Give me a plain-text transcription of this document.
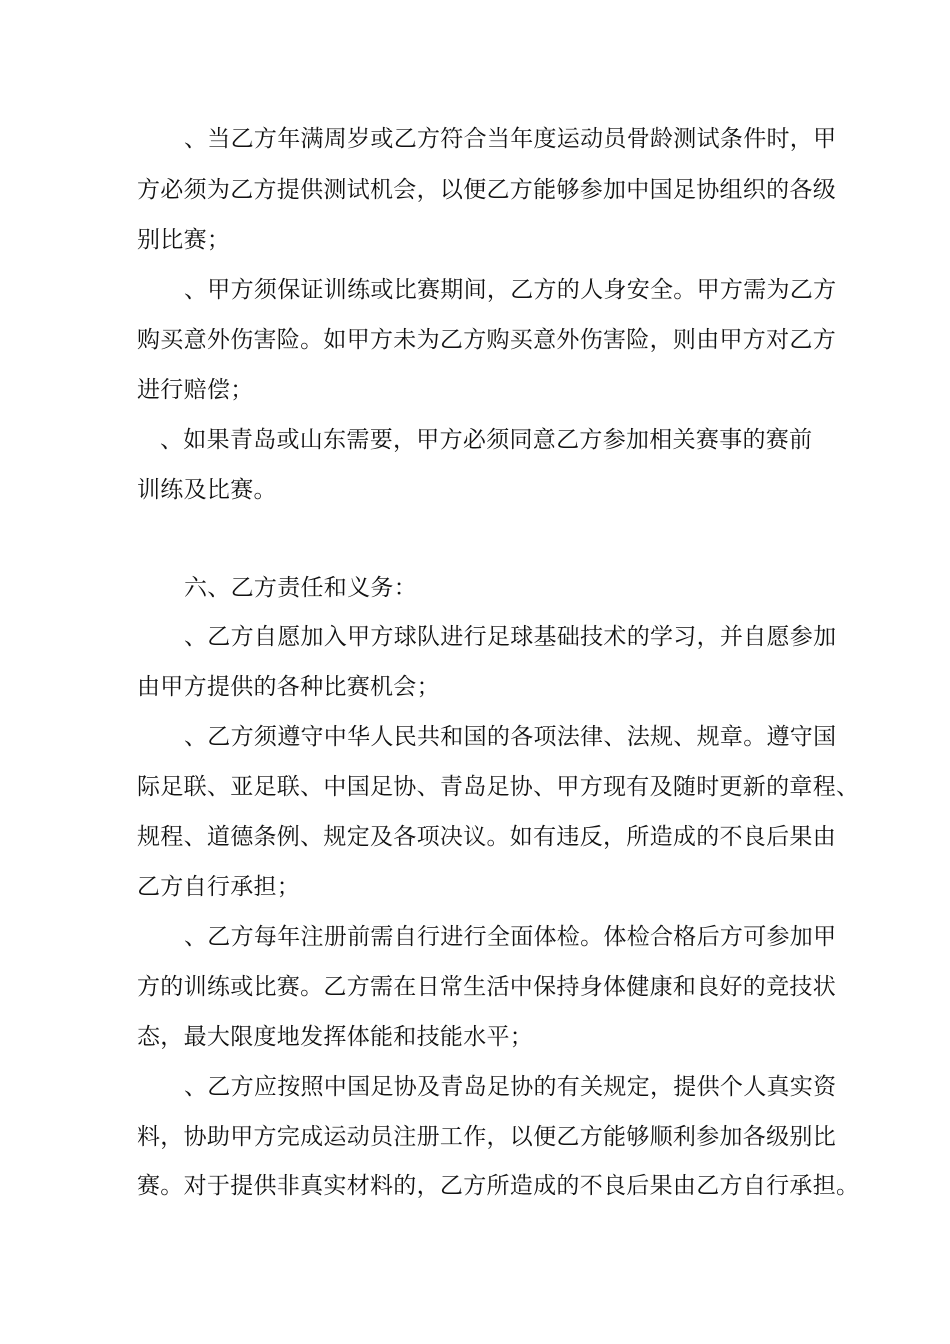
、当乙方年满周岁或乙方符合当年度运动员骨龄测试条件时，甲
方必须为乙方提供测试机会，以便乙方能够参加中国足协组织的各级
别比赛；
、甲方须保证训练或比赛期间，乙方的人身安全。甲方需为乙方
购买意外伤害险。如甲方未为乙方购买意外伤害险，则由甲方对乙方
进行赔偿；
、如果青岛或山东需要，甲方必须同意乙方参加相关赛事的赛前
训练及比赛。
六、乙方责任和义务：
、乙方自愿加入甲方球队进行足球基础技术的学习，并自愿参加
由甲方提供的各种比赛机会；
、乙方须遵守中华人民共和国的各项法律、法规、规章。遵守国
际足联、亚足联、中国足协、青岛足协、甲方现有及随时更新的章程、
规程、道德条例、规定及各项决议。如有违反，所造成的不良后果由
乙方自行承担；
、乙方每年注册前需自行进行全面体检。体检合格后方可参加甲
方的训练或比赛。乙方需在日常生活中保持身体健康和良好的竞技状
态，最大限度地发挥体能和技能水平；
、乙方应按照中国足协及青岛足协的有关规定，提供个人真实资
料，协助甲方完成运动员注册工作，以便乙方能够顺利参加各级别比
赛。对于提供非真实材料的，乙方所造成的不良后果由乙方自行承担。
